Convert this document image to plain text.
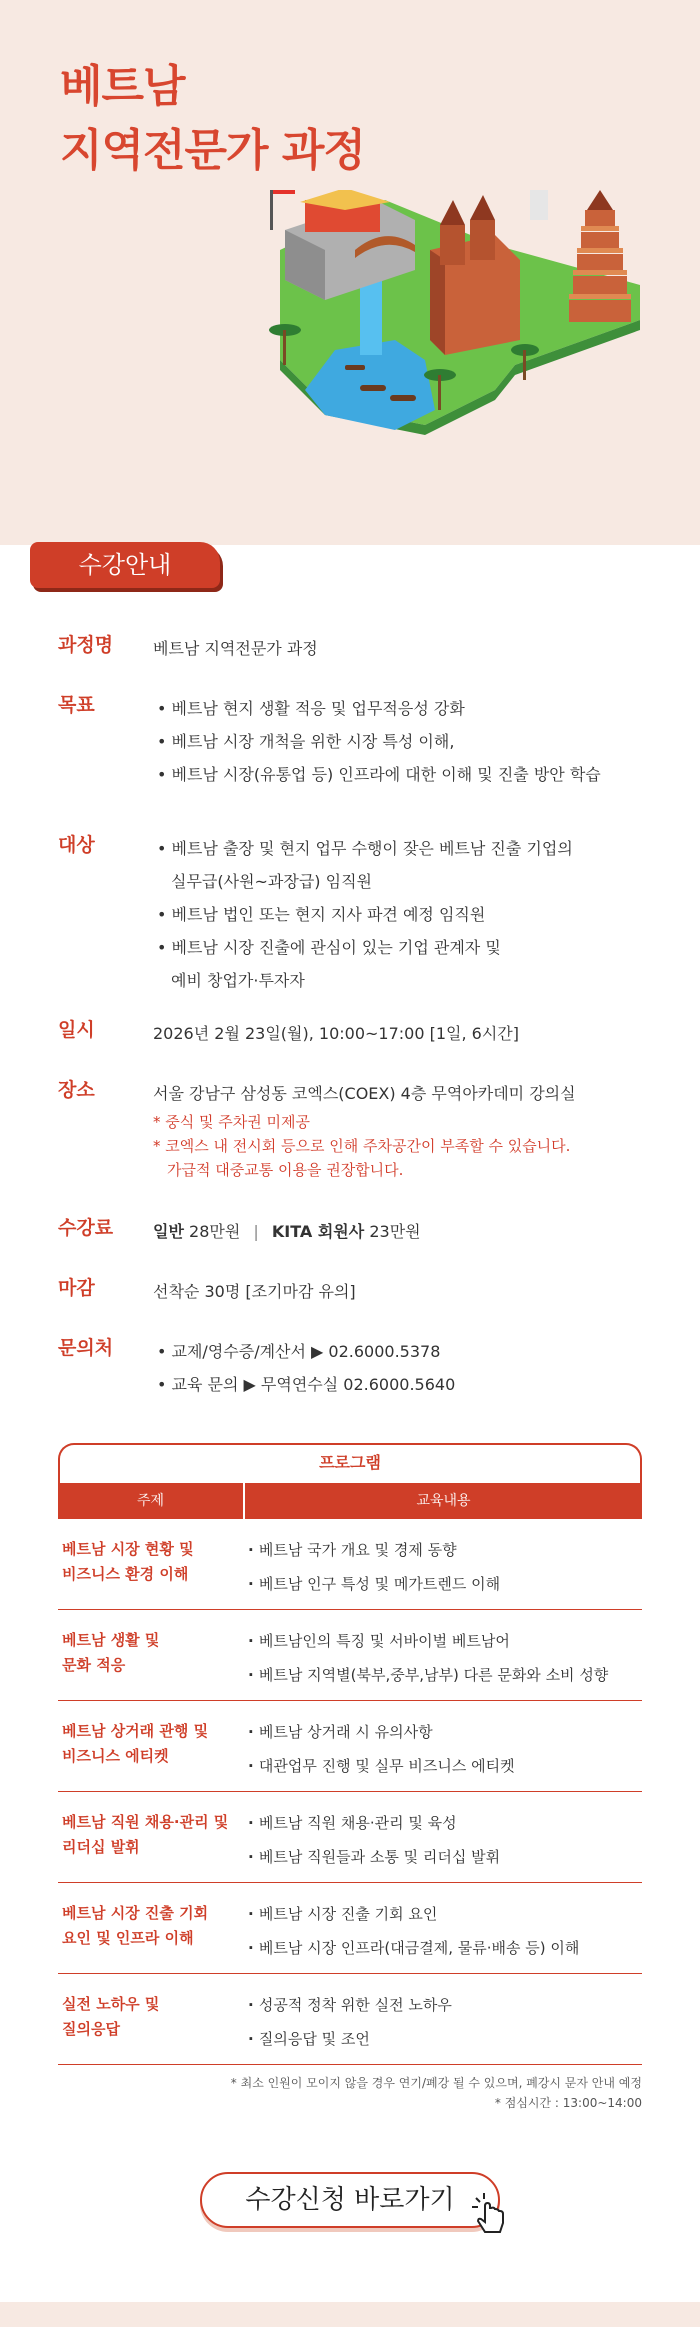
베트남
지역전문가 과정
수강안내
과정명 베트남 지역전문가 과정
목표	• 베트남 현지 생활 적응 및 업무적응성 강화
• 베트남 시장 개척을 위한 시장 특성 이해,
• 베트남 시장(유통업 등) 인프라에 대한 이해 및 진출 방안 학습
대상	• 베트남 출장 및 현지 업무 수행이 잦은 베트남 진출 기업의
실무급(사원~과장급) 임직원
• 베트남 법인 또는 현지 지사 파견 예정 임직원
• 베트남 시장 진출에 관심이 있는 기업 관계자 및
예비 창업가·투자자
일시	2026년 2월 23일(월), 10:00~17:00 [1일, 6시간]
장소	서울 강남구 삼성동 코엑스(COEX) 4층 무역아카데미 강의실
* 중식 및 주차권 미제공
* 코엑스 내 전시회 등으로 인해 주차공간이 부족할 수 있습니다.
가급적 대중교통 이용을 권장합니다.
수강료 일반 28만원 | KITA 회원사 23만원
마감	선착순 30명 [조기마감 유의]
문의처	• 교제/영수증/계산서 ▶ 02.6000.5378
• 교육 문의 ▶ 무역연수실 02.6000.5640
프로그램
주제	교육내용
베트남 시장 현황 및
비즈니스 환경 이해
· 베트남 국가 개요 및 경제 동향
· 베트남 인구 특성 및 메가트렌드 이해
베트남 생활 및
문화 적응
· 베트남인의 특징 및 서바이벌 베트남어
· 베트남 지역별(북부,중부,남부) 다른 문화와 소비 성향
베트남 상거래 관행 및
비즈니스 에티켓
· 베트남 상거래 시 유의사항
· 대관업무 진행 및 실무 비즈니스 에티켓
베트남 직원 채용·관리 및
리더십 발휘
· 베트남 직원 채용·관리 및 육성
· 베트남 직원들과 소통 및 리더십 발휘
베트남 시장 진출 기회
요인 및 인프라 이해
· 베트남 시장 진출 기회 요인
· 베트남 시장 인프라(대금결제, 물류·배송 등) 이해
실전 노하우 및
질의응답
· 성공적 정착 위한 실전 노하우
· 질의응답 및 조언
* 최소 인원이 모이지 않을 경우 연기/폐강 될 수 있으며, 폐강시 문자 안내 예정
* 점심시간 : 13:00~14:00
수강신청 바로가기
